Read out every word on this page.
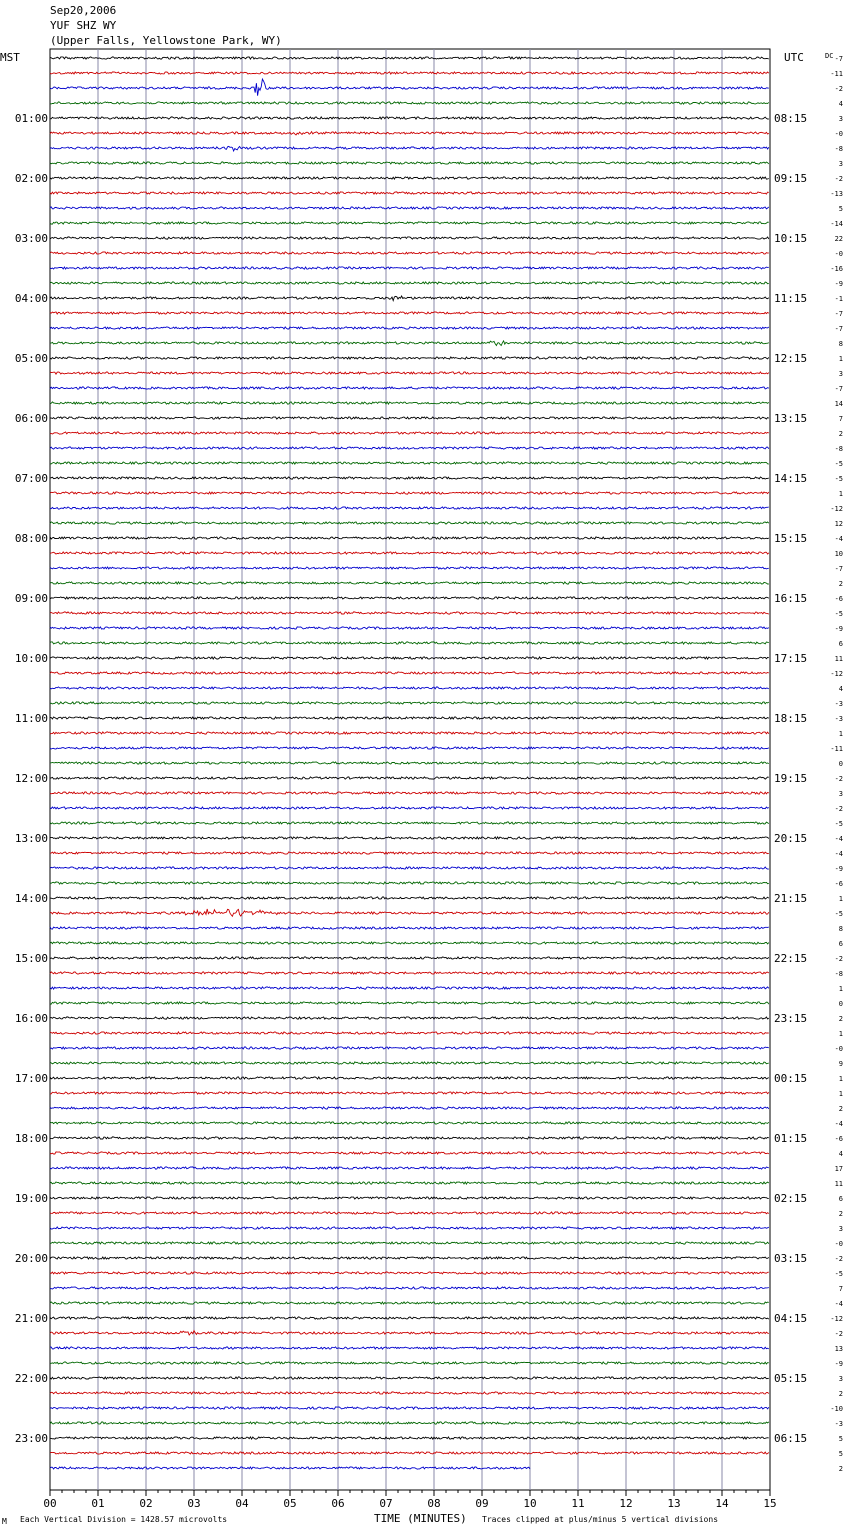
Sep20,2006
YUF SHZ WY
(Upper Falls, Yellowstone Park, WY)
-7
-11
-2
4
3
-0
-8
3
-2
-13
5
-14
22
-0
-16
-9
-1
-7
-7
8
1
3
-7
14
7
2
-8
-5
-5
1
-12
12
-4
10
-7
2
-6
-5
-9
6
11
-12
4
-3
-3
1
-11
0
-2
3
-2
-5
-4
-4
-9
-6
1
-5
8
6
-2
-8
1
0
2
1
-0
9
1
1
2
-4
-6
4
17
11
6
2
3
-0
-2
-5
7
-4
-12
-2
13
-9
3
2
-10
-3
5
5
2
MST	UTC	DC
01:00
02:00
03:00
04:00
05:00
06:00
07:00
08:00
09:00
10:00
11:00
12:00
13:00
14:00
15:00
16:00
17:00
18:00
19:00
20:00
21:00
22:00
23:00
08:15
09:15
10:15
11:15
12:15
13:15
14:15
15:15
16:15
17:15
18:15
19:15
20:15
21:15
22:15
23:15
00:15
01:15
02:15
03:15
04:15
05:15
06:15
00	01	02	03	04	05	06	07	08	09	10	11	12	13	14	15
M Each Vertical Division = 1428.57 microvolts	TIME (MINUTES) Traces clipped at plus/minus 5 vertical divisions
